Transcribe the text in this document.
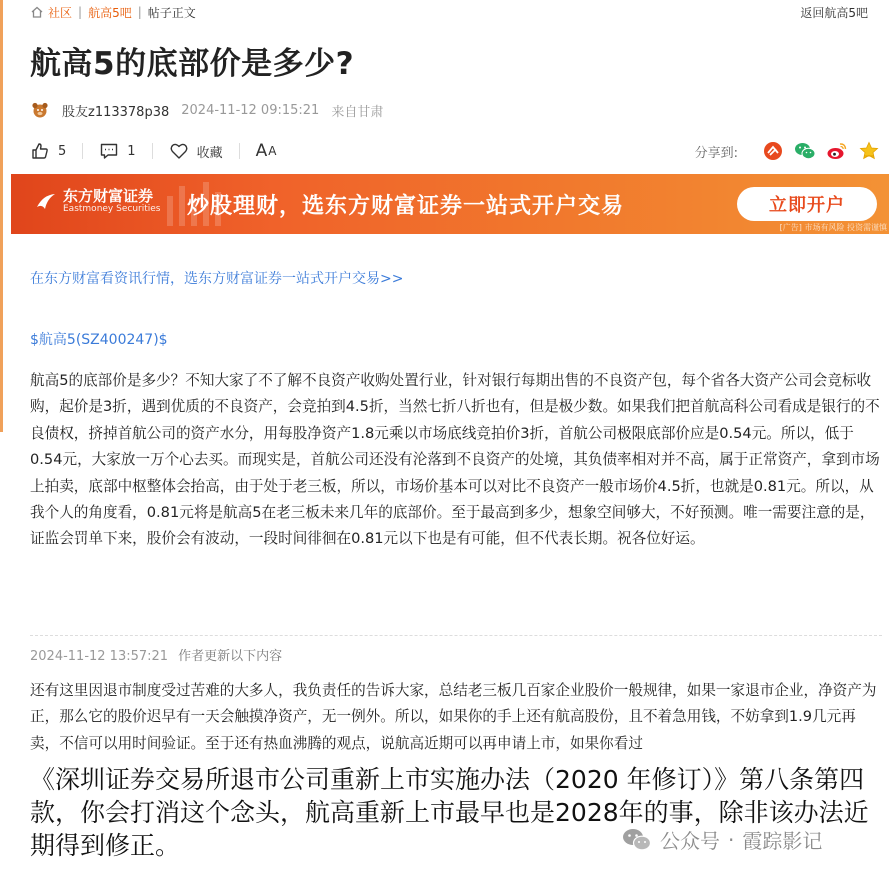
社区 | 航高5吧 | 帖子正文	返回航高5吧
航高5的底部价是多少?
股友z113378p38 2024-11-12 09:15:21 来自甘肃
5	1	收藏 A A	分享到:
东方财富证券
Eastmoney Securities 炒股理财，选东方财富证券一站式开户交易	立即开户
[广告] 市场有风险 投资需谨慎
在东方财富看资讯行情，选东方财富证券一站式开户交易>>
$航高5(SZ400247)$

航高5的底部价是多少？不知大家了不了解不良资产收购处置行业，针对银行每期出售的不良资产包，每个省各大资产公司会竞标收购，起价是3折，遇到优质的不良资产，会竞拍到4.5折，当然七折八折也有，但是极少数。如果我们把首航高科公司看成是银行的不良债权，挤掉首航公司的资产水分，用每股净资产1.8元乘以市场底线竞拍价3折，首航公司极限底部价应是0.54元。所以，低于0.54元，大家放一万个心去买。而现实是，首航公司还没有沦落到不良资产的处境，其负债率相对并不高，属于正常资产，拿到市场上拍卖，底部中枢整体会抬高，由于处于老三板，所以，市场价基本可以对比不良资产一般市场价4.5折，也就是0.81元。所以，从我个人的角度看，0.81元将是航高5在老三板未来几年的底部价。至于最高到多少，想象空间够大，不好预测。唯一需要注意的是，证监会罚单下来，股价会有波动，一段时间徘徊在0.81元以下也是有可能，但不代表长期。祝各位好运。

2024-11-12 13:57:21 作者更新以下内容

还有这里因退市制度受过苦难的大多人，我负责任的告诉大家，总结老三板几百家企业股价一般规律，如果一家退市企业，净资产为正，那么它的股价迟早有一天会触摸净资产，无一例外。所以，如果你的手上还有航高股份，且不着急用钱，不妨拿到1.9几元再卖，不信可以用时间验证。至于还有热血沸腾的观点，说航高近期可以再申请上市，如果你看过

《深圳证券交易所退市公司重新上市实施办法（2020 年修订）》第八条第四款，你会打消这个念头，航高重新上市最早也是2028年的事，除非该办法近期得到修正。	公众号 · 霞踪影记
